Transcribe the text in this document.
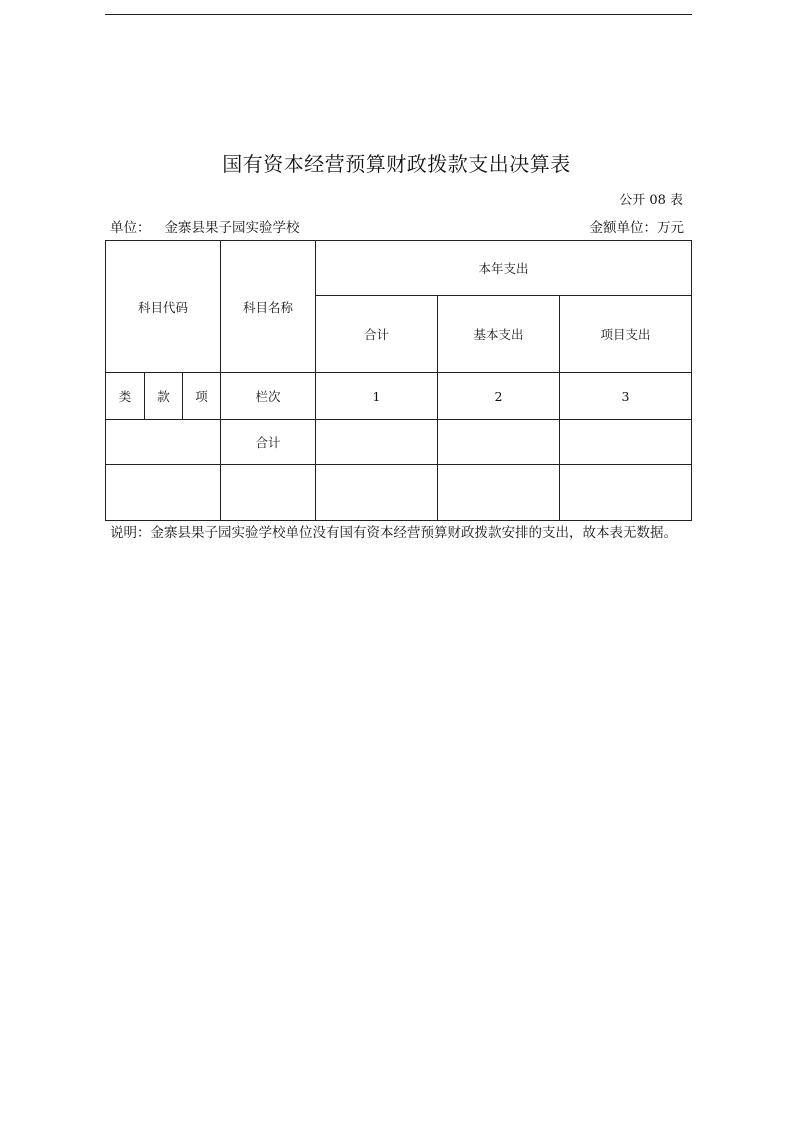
国有资本经营预算财政拨款支出决算表
公开 08 表
单位： 金寨县果子园实验学校	金额单位：万元
科目代码			科目名称	本年支出		
				合计	基本支出	项目支出
类	款	项	栏次	1	2	3
			合计			

说明：金寨县果子园实验学校单位没有国有资本经营预算财政拨款安排的支出，故本表无数据。
